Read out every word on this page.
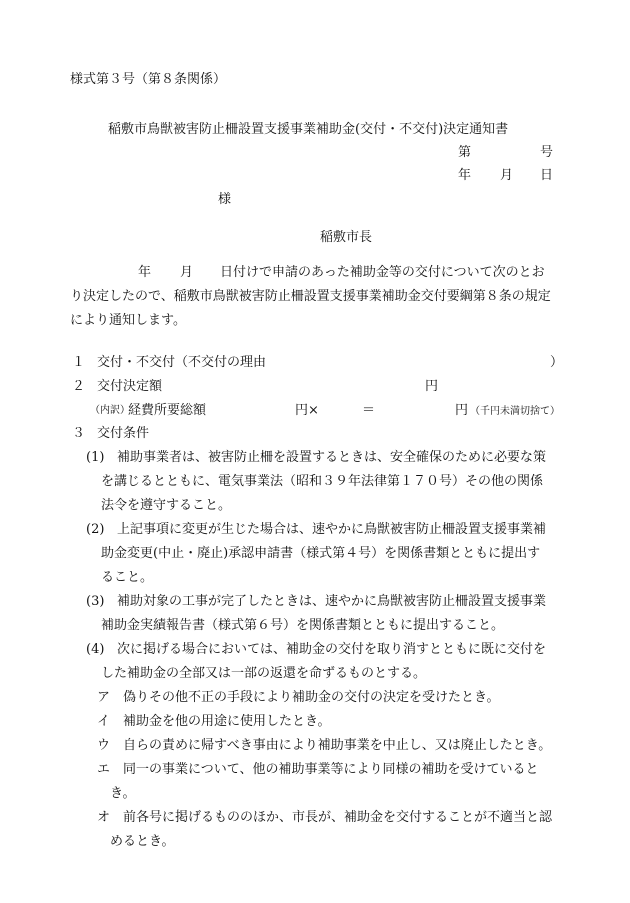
様式第３号（第８条関係）
稲敷市鳥獣被害防止柵設置支援事業補助金(交付・不交付)決定通知書
第	号
年 月 日
様
稲敷市長
年 月 日付けで申請のあった補助金等の交付について次のとお
り決定したので、稲敷市鳥獣被害防止柵設置支援事業補助金交付要綱第８条の規定
により通知します。
１ 交付・不交付（不交付の理由	）
２ 交付決定額	円
（内訳）
経費所要総額	円×	＝	円 （千円未満切捨て）
３ 交付条件
(1) 補助事業者は、被害防止柵を設置するときは、安全確保のために必要な策
を講じるとともに、電気事業法（昭和３９年法律第１７０号）その他の関係
法令を遵守すること。
(2) 上記事項に変更が生じた場合は、速やかに鳥獣被害防止柵設置支援事業補
助金変更(中止・廃止)承認申請書（様式第４号）を関係書類とともに提出す
ること。
(3) 補助対象の工事が完了したときは、速やかに鳥獣被害防止柵設置支援事業
補助金実績報告書（様式第６号）を関係書類とともに提出すること。
(4) 次に掲げる場合においては、補助金の交付を取り消すとともに既に交付を
した補助金の全部又は一部の返還を命ずるものとする。
ア 偽りその他不正の手段により補助金の交付の決定を受けたとき。
イ 補助金を他の用途に使用したとき。
ウ 自らの責めに帰すべき事由により補助事業を中止し、又は廃止したとき。
エ 同一の事業について、他の補助事業等により同様の補助を受けていると
き。
オ 前各号に掲げるもののほか、市長が、補助金を交付することが不適当と認
めるとき。
